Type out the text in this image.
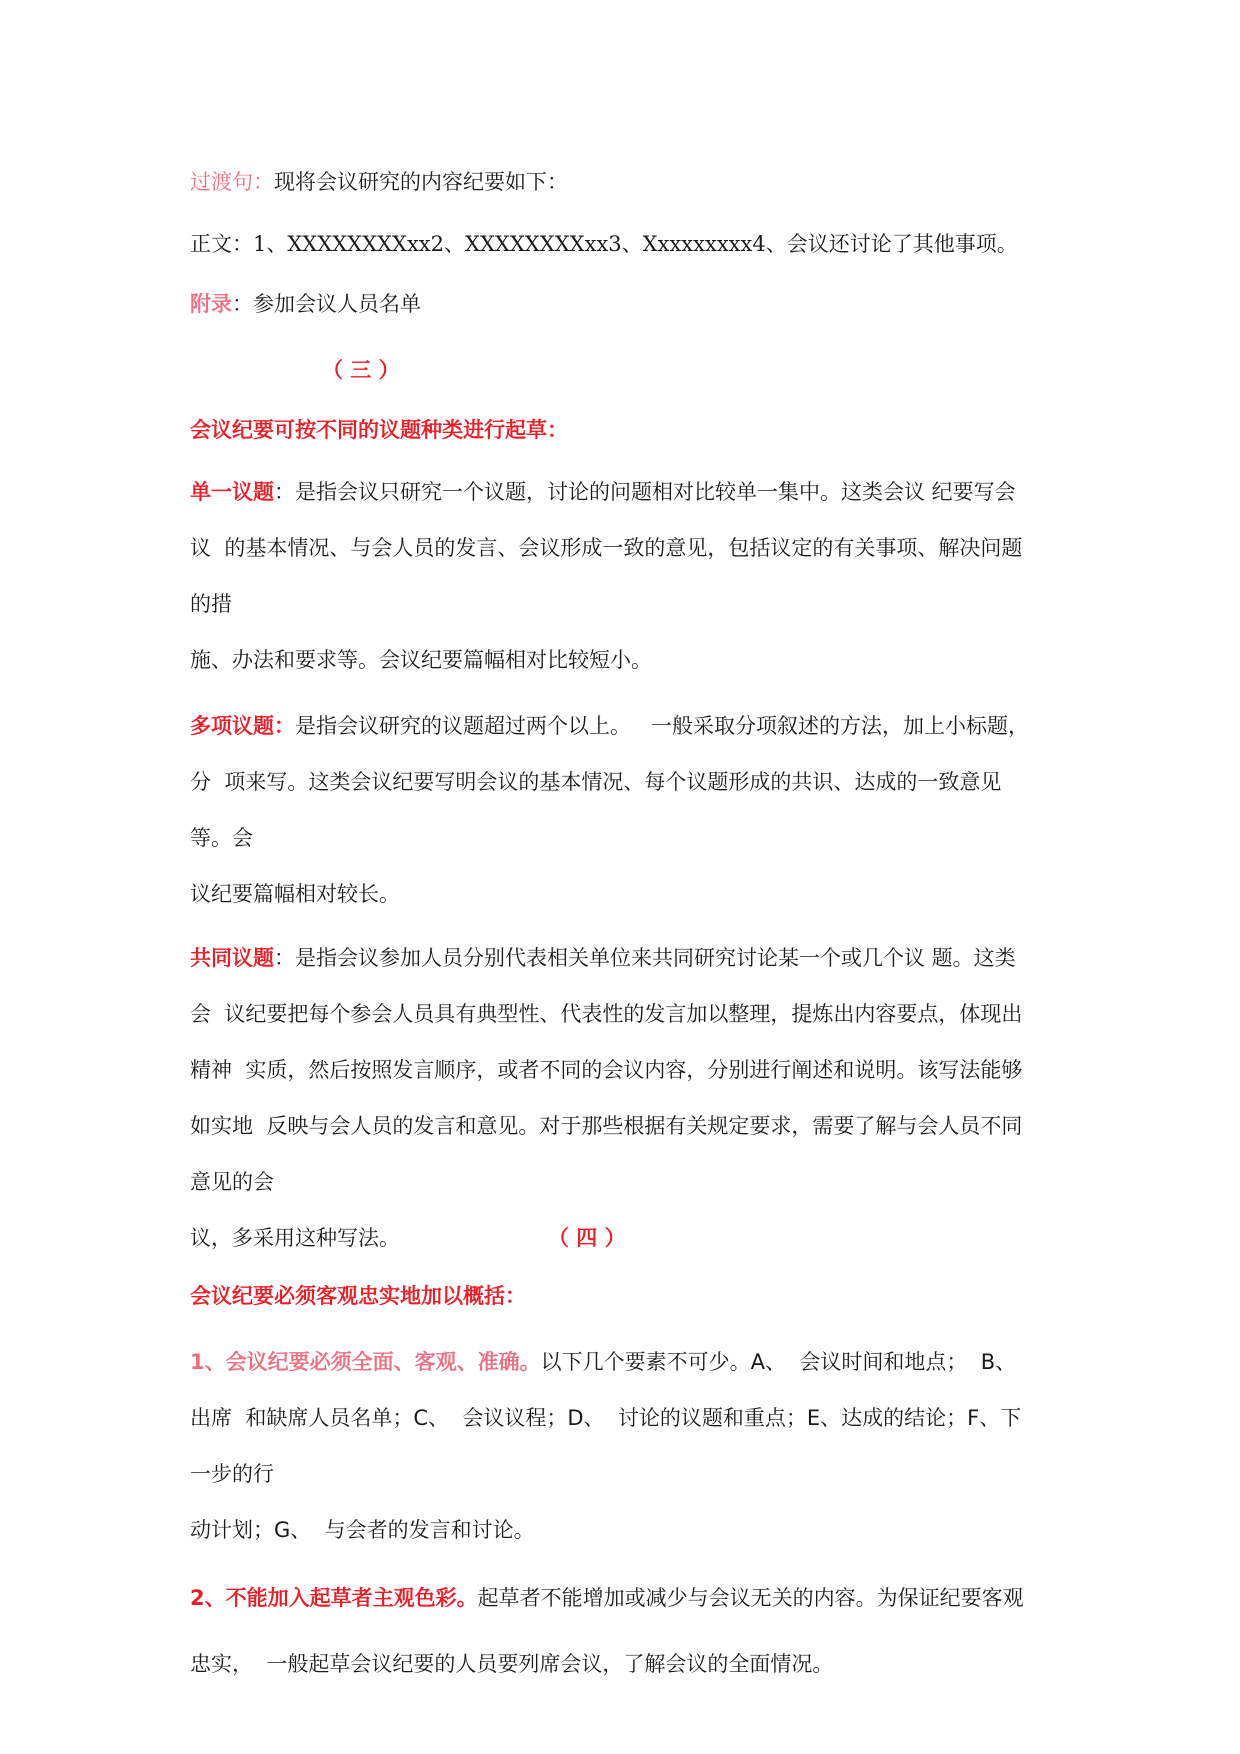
过渡句：现将会议研究的内容纪要如下：
正文：1、XXXXXXXXxx2、XXXXXXXXxx3、Xxxxxxxxx4、会议还讨论了其他事项。
附录：参加会议人员名单
（ 三 ）
会议纪要可按不同的议题种类进行起草：
单一议题：是指会议只研究一个议题，讨论的问题相对比较单一集中。这类会议 纪要写会
议  的基本情况、与会人员的发言、会议形成一致的意见，包括议定的有关事项、解决问题
的措
施、办法和要求等。会议纪要篇幅相对比较短小。
多项议题：是指会议研究的议题超过两个以上。   一般采取分项叙述的方法，加上小标题，
分  项来写。这类会议纪要写明会议的基本情况、每个议题形成的共识、达成的一致意见
等。会
议纪要篇幅相对较长。
共同议题：是指会议参加人员分别代表相关单位来共同研究讨论某一个或几个议 题。这类
会  议纪要把每个参会人员具有典型性、代表性的发言加以整理，提炼出内容要点，体现出
精神  实质，然后按照发言顺序，或者不同的会议内容，分别进行阐述和说明。该写法能够
如实地  反映与会人员的发言和意见。对于那些根据有关规定要求，需要了解与会人员不同
意见的会
议，多采用这种写法。	（ 四 ）
会议纪要必须客观忠实地加以概括：
1、会议纪要必须全面、客观、准确。以下几个要素不可少。A、  会议时间和地点；  B、
出席  和缺席人员名单；C、  会议议程；D、  讨论的议题和重点；E、达成的结论；F、下
一步的行
动计划；G、  与会者的发言和讨论。
2、不能加入起草者主观色彩。起草者不能增加或减少与会议无关的内容。为保证纪要客观
忠实，  一般起草会议纪要的人员要列席会议，了解会议的全面情况。
